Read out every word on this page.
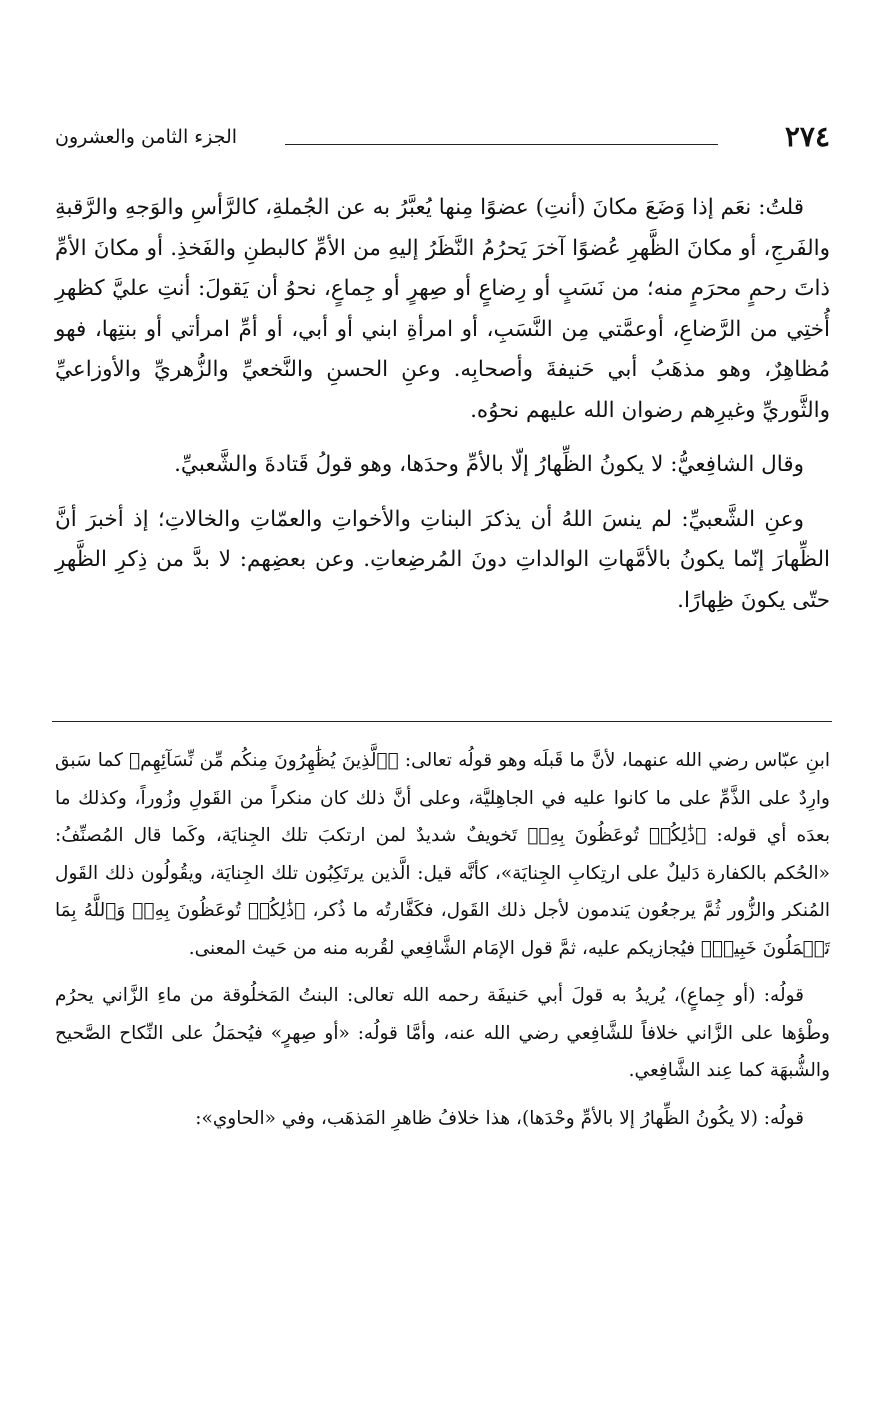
٢٧٤
الجزء الثامن والعشرون

قلتُ: نعَم إذا وَضَعَ مكانَ (أنتِ) عضوًا مِنها يُعبَّرُ به عن الجُملةِ، كالرَّأسِ والوَجهِ والرَّقبةِ والفَرجِ، أو مكانَ الظَّهرِ عُضوًا آخرَ يَحرُمُ النَّظَرُ إليهِ من الأمِّ كالبطنِ والفَخذِ. أو مكانَ الأمِّ ذاتَ رحمٍ محرَمٍ منه؛ من نَسَبٍ أو رِضاعٍ أو صِهرٍ أو جِماعٍ، نحوُ أن يَقولَ: أنتِ عليَّ كظهرِ أُختِي من الرَّضاعِ، أوعمَّتي مِن النَّسَبِ، أو امرأةِ ابني أو أبي، أو أمِّ امرأتي أو بنتِها، فهو مُظاهِرٌ، وهو مذهَبُ أبي حَنيفةَ وأصحابِه. وعنِ الحسنِ والنَّخعيِّ والزُّهريِّ والأوزاعيِّ والثَّوريِّ وغيرِهم رضوان الله عليهم نحوُه.

وقال الشافِعيُّ: لا يكونُ الظِّهارُ إلّا بالأمِّ وحدَها، وهو قولُ قَتادةَ والشَّعبيِّ.

وعنِ الشَّعبيِّ: لم ينسَ اللهُ أن يذكرَ البناتِ والأخواتِ والعمّاتِ والخالاتِ؛ إذ أخبرَ أنَّ الظِّهارَ إنّما يكونُ بالأمَّهاتِ الوالداتِ دونَ المُرضِعاتِ. وعن بعضِهم: لا بدَّ من ذِكرِ الظَّهرِ حتّى يكونَ ظِهارًا.

ابنِ عبّاس رضي الله عنهما، لأنَّ ما قَبلَه وهو قولُه تعالى: ﴿ٱلَّذِينَ يُظَٰهِرُونَ مِنكُم مِّن نِّسَآئِهِم﴾ كما سَبق وارِدٌ على الذَّمِّ على ما كانوا عليه في الجاهِليَّة، وعلى أنَّ ذلك كان منكراً من القَولِ وزُوراً، وكذلك ما بعدَه أي قوله: ﴿ذَٰلِكُمۡ تُوعَظُونَ بِهِۦ﴾ تَخويفٌ شديدٌ لمن ارتكبَ تلك الجِنايَة، وكَما قال المُصنِّفُ: «الحُكم بالكفارة دَليلٌ على ارتِكابِ الجِنايَة»، كأنَّه قيل: الَّذين يرتَكِبُون تلك الجِنايَة، ويقُولُون ذلك القَول المُنكر والزُّور ثُمَّ يرجعُون يَندمون لأجل ذلك القَول، فكَفَّارتُه ما ذُكر، ﴿ذَٰلِكُمۡ تُوعَظُونَ بِهِۦۚ وَٱللَّهُ بِمَا تَعۡمَلُونَ خَبِيرٞ﴾ فيُجازيكم عليه، ثمَّ قول الإمَام الشَّافِعي لقُربه منه من حَيث المعنى.

قولُه: (أو جِماعٍ)، يُريدُ به قولَ أبي حَنيفَة رحمه الله تعالى: البنتُ المَخلُوقة من ماءِ الزَّاني يحرُم وطْؤها على الزَّاني خلافاً للشَّافِعي رضي الله عنه، وأمَّا قولُه: «أو صِهرٍ» فيُحمَلُ على النِّكاح الصَّحيح والشُّبهَة كما عِند الشَّافِعي.

قولُه: (لا يكُونُ الظِّهارُ إلا بالأمِّ وحْدَها)، هذا خلافُ ظاهرِ المَذهَب، وفي «الحاوي»:
